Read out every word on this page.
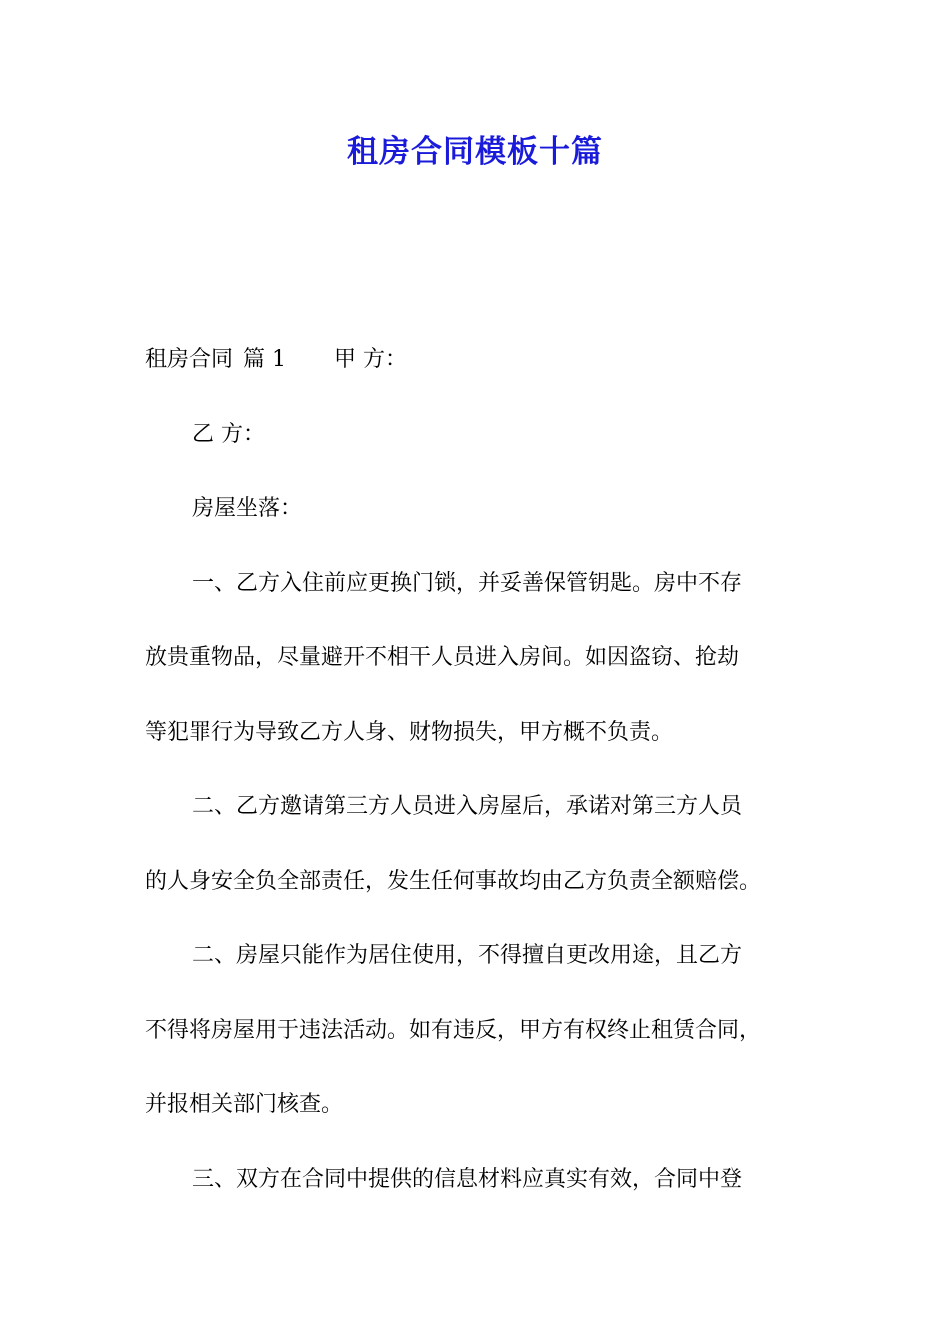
租房合同模板十篇
租房合同 篇 1 甲 方：
乙 方：
房屋坐落：
一、乙方入住前应更换门锁，并妥善保管钥匙。房中不存
放贵重物品，尽量避开不相干人员进入房间。如因盗窃、抢劫
等犯罪行为导致乙方人身、财物损失，甲方概不负责。
二、乙方邀请第三方人员进入房屋后，承诺对第三方人员
的人身安全负全部责任，发生任何事故均由乙方负责全额赔偿。
二、房屋只能作为居住使用，不得擅自更改用途，且乙方
不得将房屋用于违法活动。如有违反，甲方有权终止租赁合同，
并报相关部门核查。
三、双方在合同中提供的信息材料应真实有效，合同中登
